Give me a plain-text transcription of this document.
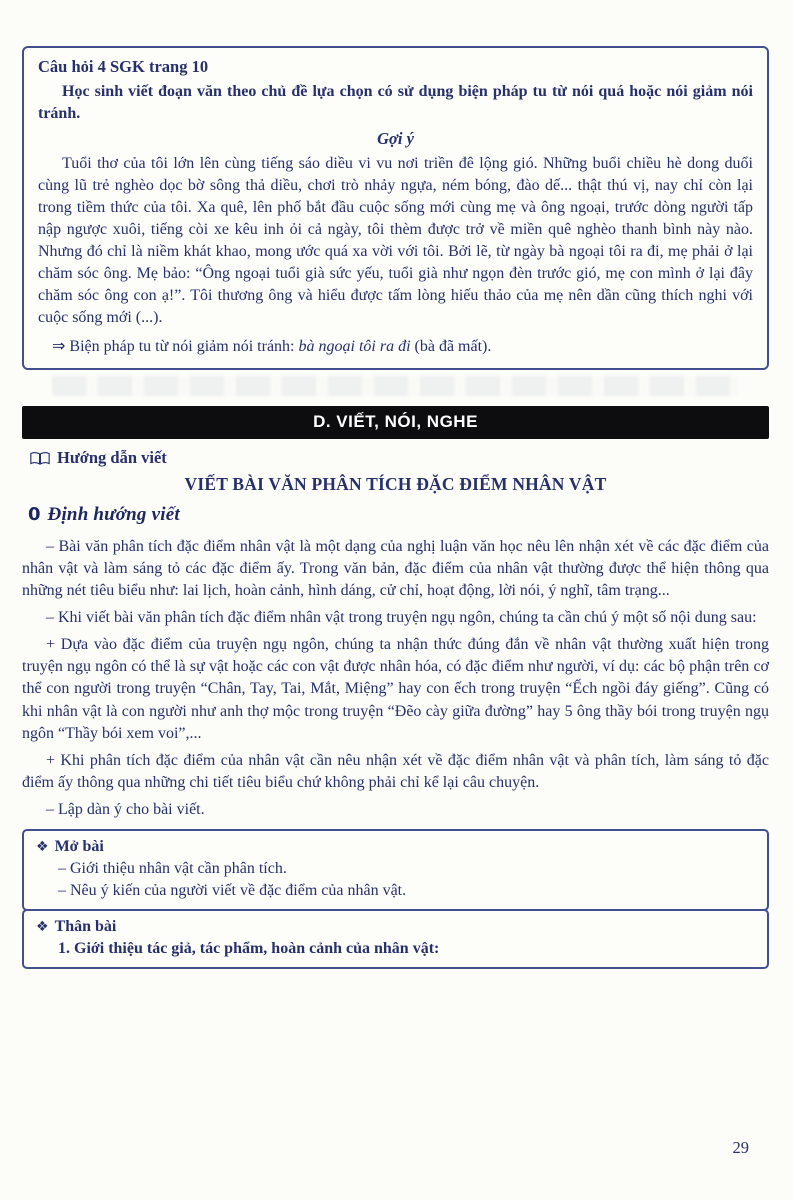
Câu hỏi 4 SGK trang 10
Học sinh viết đoạn văn theo chủ đề lựa chọn có sử dụng biện pháp tu từ nói quá hoặc nói giảm nói tránh.
Gợi ý
Tuổi thơ của tôi lớn lên cùng tiếng sáo diều vi vu nơi triền đê lộng gió. Những buổi chiều hè dong duổi cùng lũ trẻ nghèo dọc bờ sông thả diều, chơi trò nhảy ngựa, ném bóng, đào dế... thật thú vị, nay chỉ còn lại trong tiềm thức của tôi. Xa quê, lên phố bắt đầu cuộc sống mới cùng mẹ và ông ngoại, trước dòng người tấp nập ngược xuôi, tiếng còi xe kêu inh ỏi cả ngày, tôi thèm được trở về miền quê nghèo thanh bình này nào. Nhưng đó chỉ là niềm khát khao, mong ước quá xa vời với tôi. Bởi lẽ, từ ngày bà ngoại tôi ra đi, mẹ phải ở lại chăm sóc ông. Mẹ bảo: “Ông ngoại tuổi già sức yếu, tuổi già như ngọn đèn trước gió, mẹ con mình ở lại đây chăm sóc ông con ạ!”. Tôi thương ông và hiểu được tấm lòng hiếu thảo của mẹ nên dần cũng thích nghi với cuộc sống mới (...).
⇒ Biện pháp tu từ nói giảm nói tránh: bà ngoại tôi ra đi (bà đã mất).
D. VIẾT, NÓI, NGHE
Hướng dẫn viết
VIẾT BÀI VĂN PHÂN TÍCH ĐẶC ĐIỂM NHÂN VẬT
0 Định hướng viết

– Bài văn phân tích đặc điểm nhân vật là một dạng của nghị luận văn học nêu lên nhận xét về các đặc điểm của nhân vật và làm sáng tỏ các đặc điểm ấy. Trong văn bản, đặc điểm của nhân vật thường được thể hiện thông qua những nét tiêu biểu như: lai lịch, hoàn cảnh, hình dáng, cử chỉ, hoạt động, lời nói, ý nghĩ, tâm trạng...

– Khi viết bài văn phân tích đặc điểm nhân vật trong truyện ngụ ngôn, chúng ta cần chú ý một số nội dung sau:

+ Dựa vào đặc điểm của truyện ngụ ngôn, chúng ta nhận thức đúng đắn về nhân vật thường xuất hiện trong truyện ngụ ngôn có thể là sự vật hoặc các con vật được nhân hóa, có đặc điểm như người, ví dụ: các bộ phận trên cơ thể con người trong truyện “Chân, Tay, Tai, Mắt, Miệng” hay con ếch trong truyện “Ếch ngồi đáy giếng”. Cũng có khi nhân vật là con người như anh thợ mộc trong truyện “Đẽo cày giữa đường” hay 5 ông thầy bói trong truyện ngụ ngôn “Thầy bói xem voi”,...

+ Khi phân tích đặc điểm của nhân vật cần nêu nhận xét về đặc điểm nhân vật và phân tích, làm sáng tỏ đặc điểm ấy thông qua những chi tiết tiêu biểu chứ không phải chỉ kể lại câu chuyện.

– Lập dàn ý cho bài viết.

❖ Mở bài
– Giới thiệu nhân vật cần phân tích.
– Nêu ý kiến của người viết về đặc điểm của nhân vật.
❖ Thân bài
1. Giới thiệu tác giả, tác phẩm, hoàn cảnh của nhân vật:
29
